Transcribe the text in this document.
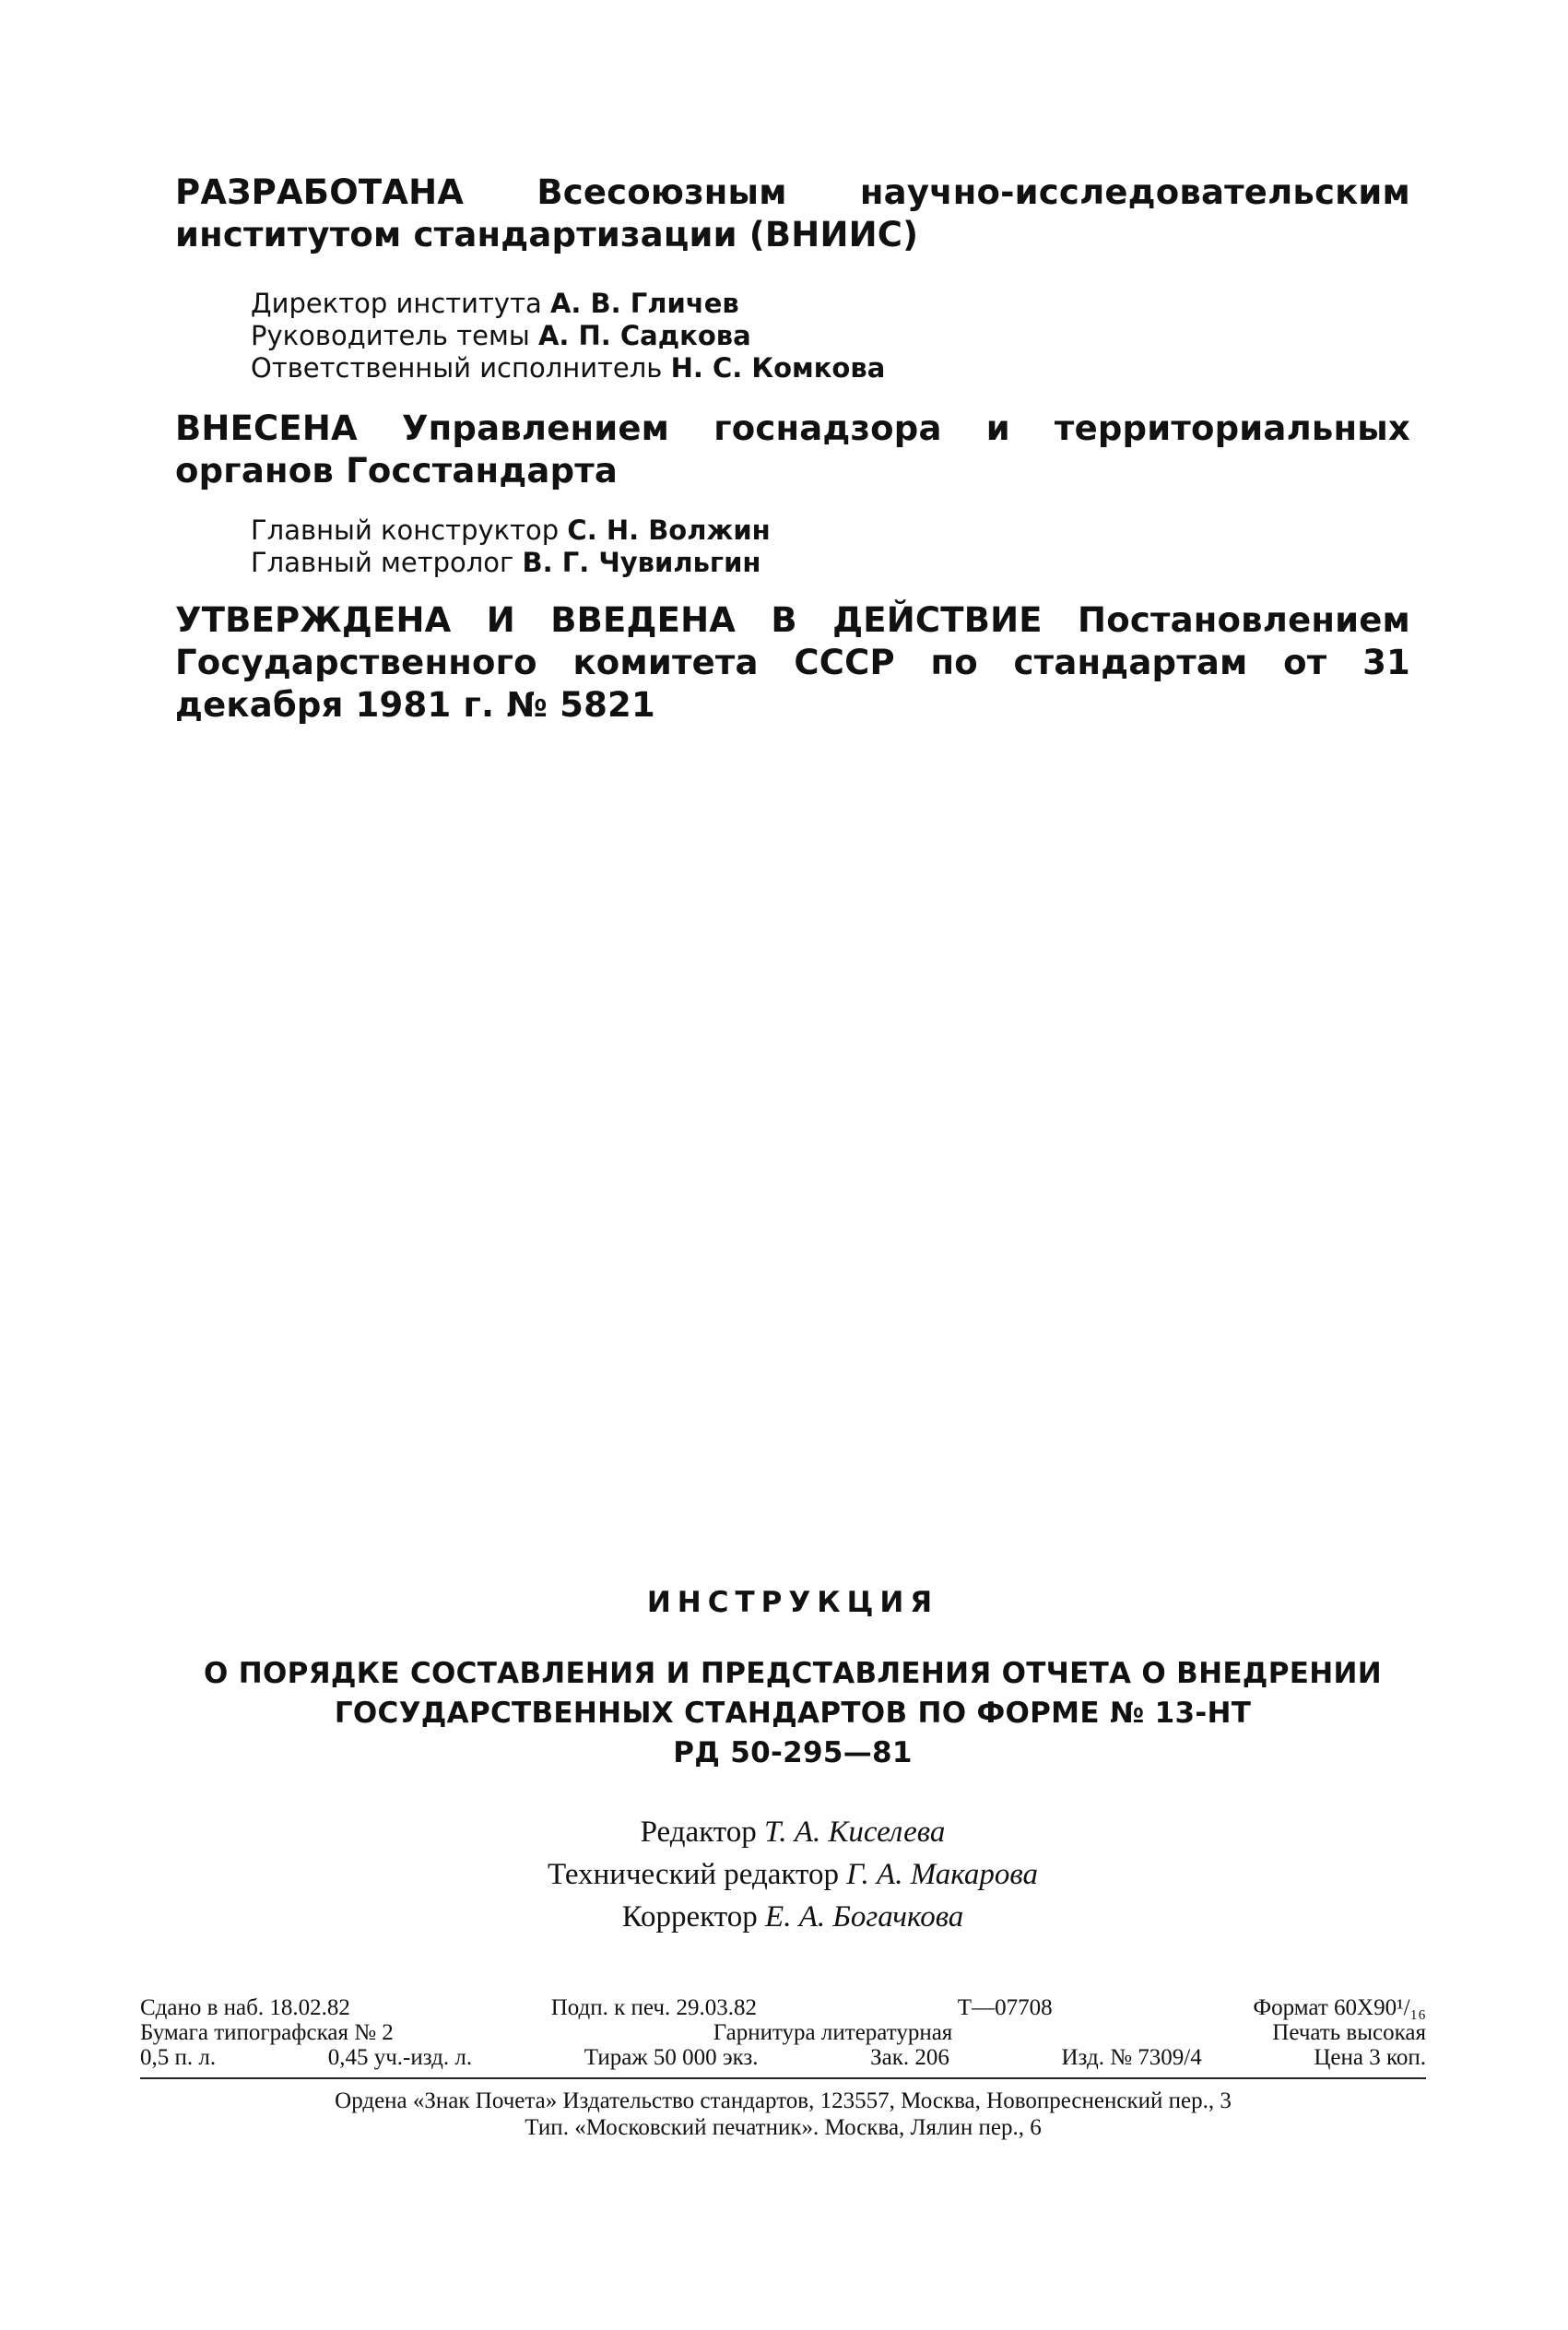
РАЗРАБОТАНА Всесоюзным научно-исследовательским институтом стандартизации (ВНИИС)

Директор института А. В. Гличев
Руководитель темы А. П. Садкова
Ответственный исполнитель Н. С. Комкова

ВНЕСЕНА Управлением госнадзора и территориальных органов Госстандарта

Главный конструктор С. Н. Волжин
Главный метролог В. Г. Чувильгин

УТВЕРЖДЕНА И ВВЕДЕНА В ДЕЙСТВИЕ Постановлением Государственного комитета СССР по стандартам от 31 декабря 1981 г. № 5821

ИНСТРУКЦИЯ
О ПОРЯДКЕ СОСТАВЛЕНИЯ И ПРЕДСТАВЛЕНИЯ ОТЧЕТА О ВНЕДРЕНИИ
ГОСУДАРСТВЕННЫХ СТАНДАРТОВ ПО ФОРМЕ № 13-НТ
РД 50-295—81
Редактор Т. А. Киселева
Технический редактор Г. А. Макарова
Корректор Е. А. Богачкова
Сдано в наб. 18.02.82	Подп. к печ. 29.03.82	Т—07708	Формат 60Х90¹/₁₆
Бумага типографская № 2	Гарнитура литературная	Печать высокая
0,5 п. л.	0,45 уч.-изд. л.	Тираж 50 000 экз.	Зак. 206	Изд. № 7309/4	Цена 3 коп.
Ордена «Знак Почета» Издательство стандартов, 123557, Москва, Новопресненский пер., 3
Тип. «Московский печатник». Москва, Лялин пер., 6
